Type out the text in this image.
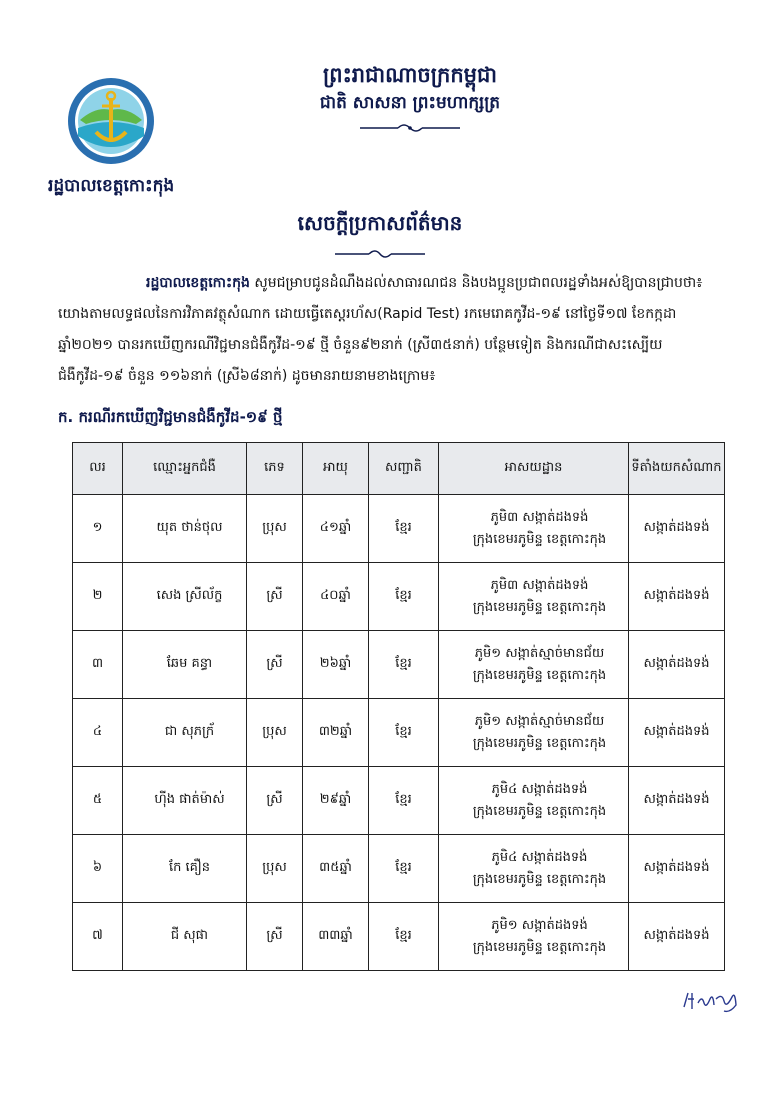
រដ្ឋបាលខេត្តកោះកុង
ព្រះរាជាណាចក្រកម្ពុជា
ជាតិ សាសនា ព្រះមហាក្សត្រ
សេចក្តីប្រកាសព័ត៌មាន
រដ្ឋបាលខេត្តកោះកុង សូមជម្រាបជូនដំណឹងដល់សាធារណជន និងបងប្អូនប្រជាពលរដ្ឋទាំងអស់ឱ្យបានជ្រាបថា៖ យោងតាមលទ្ធផលនៃការវិភាគវត្ថុសំណាក ដោយធ្វើតេស្តរហ័ស(Rapid Test) រកមេរោគកូវីដ-១៩ នៅថ្ងៃទី១៧ ខែកក្កដា ឆ្នាំ២០២១ បានរកឃើញករណីវិជ្ជមានជំងឺកូវីដ-១៩ ថ្មី ចំនួន៩២នាក់ (ស្រី៣៥នាក់) បន្ថែមទៀត និងករណីជាសះស្បើយជំងឺកូវីដ-១៩ ចំនួន ១១៦នាក់ (ស្រី៦៨នាក់) ដូចមានរាយនាមខាងក្រោម៖
ក. ករណីរកឃើញវិជ្ជមានជំងឺកូវីដ-១៩ ថ្មី
លរ	ឈ្មោះអ្នកជំងឺ	ភេទ	អាយុ	សញ្ជាតិ	អាសយដ្ឋាន	ទីតាំងយកសំណាក
១	យុត ថាន់ថុល	ប្រុស	៤១ឆ្នាំ	ខ្មែរ	ភូមិ៣ សង្កាត់ដងទង់
ក្រុងខេមរភូមិន្ទ ខេត្តកោះកុង	សង្កាត់ដងទង់
២	សេង ស្រីល័ក្ខ	ស្រី	៤០ឆ្នាំ	ខ្មែរ	ភូមិ៣ សង្កាត់ដងទង់
ក្រុងខេមរភូមិន្ទ ខេត្តកោះកុង	សង្កាត់ដងទង់
៣	ឆែម គន្ធា	ស្រី	២៦ឆ្នាំ	ខ្មែរ	ភូមិ១ សង្កាត់ស្មាច់មានជ័យ
ក្រុងខេមរភូមិន្ទ ខេត្តកោះកុង	សង្កាត់ដងទង់
៤	ជា សុភក្រ័	ប្រុស	៣២ឆ្នាំ	ខ្មែរ	ភូមិ១ សង្កាត់ស្មាច់មានជ័យ
ក្រុងខេមរភូមិន្ទ ខេត្តកោះកុង	សង្កាត់ដងទង់
៥	ហ៊ីង ផាត់ម៉ាស់	ស្រី	២៩ឆ្នាំ	ខ្មែរ	ភូមិ៤ សង្កាត់ដងទង់
ក្រុងខេមរភូមិន្ទ ខេត្តកោះកុង	សង្កាត់ដងទង់
៦	កែ គឿន	ប្រុស	៣៥ឆ្នាំ	ខ្មែរ	ភូមិ៤ សង្កាត់ដងទង់
ក្រុងខេមរភូមិន្ទ ខេត្តកោះកុង	សង្កាត់ដងទង់
៧	ជី សុផា	ស្រី	៣៣ឆ្នាំ	ខ្មែរ	ភូមិ១ សង្កាត់ដងទង់
ក្រុងខេមរភូមិន្ទ ខេត្តកោះកុង	សង្កាត់ដងទង់
